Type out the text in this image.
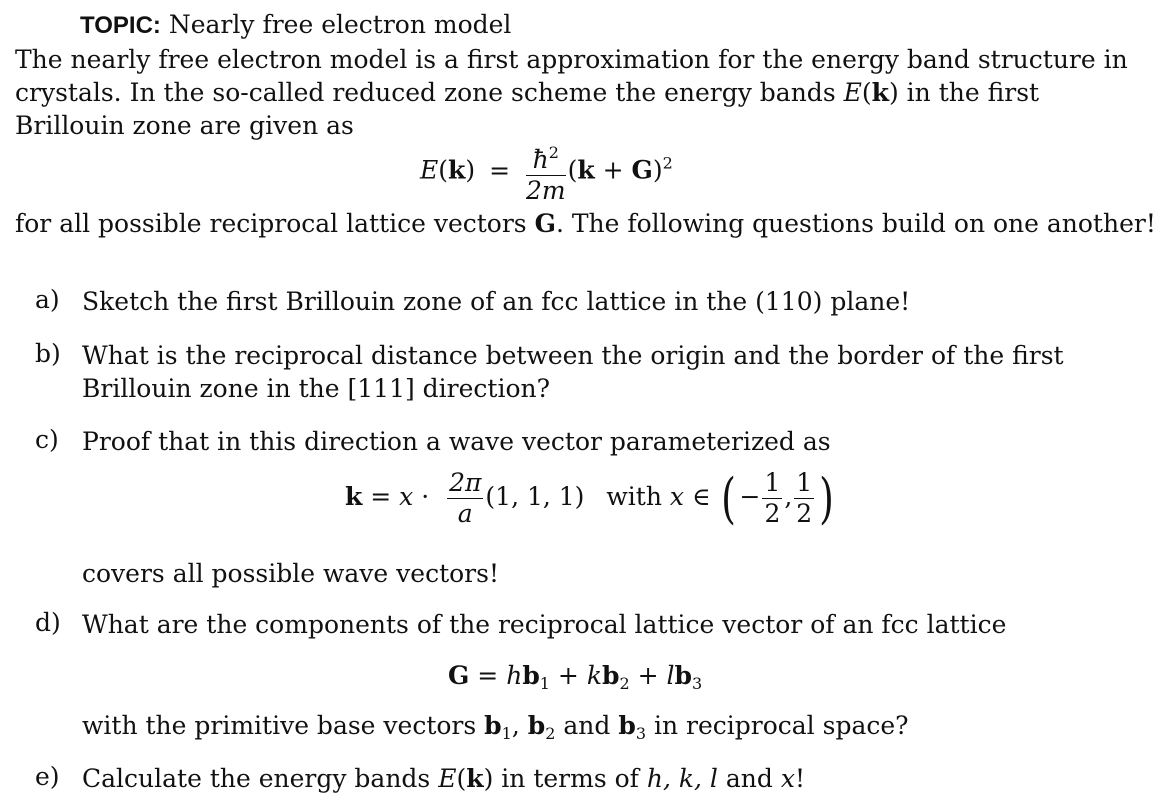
TOPIC: Nearly free electron model
The nearly free electron model is a first approximation for the energy band structure in
crystals. In the so-called reduced zone scheme the energy bands E(k) in the first
Brillouin zone are given as
$E(k) = \frac{ħ^2}{2m} (k + G)^2$
for all possible reciprocal lattice vectors G. The following questions build on one another!
a) Sketch the first Brillouin zone of an fcc lattice in the (110) plane!
b) What is the reciprocal distance between the origin and the border of the first
Brillouin zone in the [111] direction?
c) Proof that in this direction a wave vector parameterized as
$k = x \cdot \frac{2\pi}{a} (1$, 1, 1) with x ∈ ( − $\frac{1}{2}$ , $\frac{1}{2}$ )
covers all possible wave vectors!
d) What are the components of the reciprocal lattice vector of an fcc lattice
$G = hb_1 + kb_2 + lb_3$
with the primitive base vectors $b_1$, $b_2$ and $b_3$ in reciprocal space?
e) Calculate the energy bands E(k) in terms of h, k, l and x!
